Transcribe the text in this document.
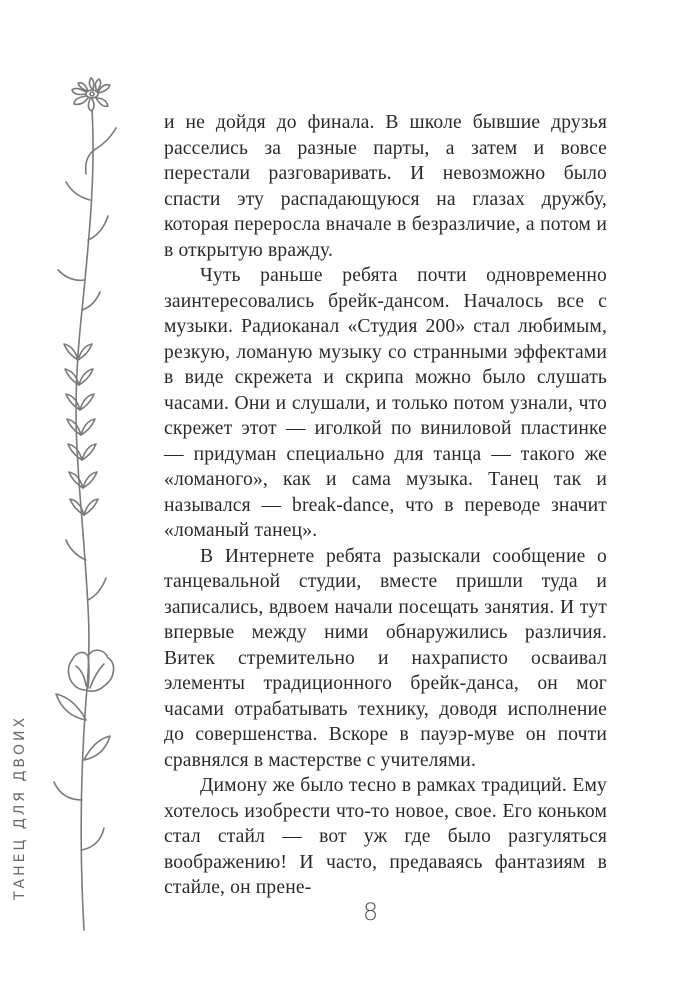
ТАНЕЦ ДЛЯ ДВОИХ

и не дойдя до финала. В школе бывшие друзья расселись за разные парты, а затем и вовсе перестали разговаривать. И невозможно было спасти эту распадающуюся на глазах дружбу, которая переросла вначале в безразличие, а потом и в открытую вражду.

Чуть раньше ребята почти одновременно заинтересовались брейк-дансом. Началось все с музыки. Радиоканал «Студия 200» стал любимым, резкую, ломаную музыку со странными эффектами в виде скрежета и скрипа можно было слушать часами. Они и слушали, и только потом узнали, что скрежет этот — иголкой по виниловой пластинке — придуман специально для танца — такого же «ломаного», как и сама музыка. Танец так и назывался — break-dance, что в переводе значит «ломаный танец».

В Интернете ребята разыскали сообщение о танцевальной студии, вместе пришли туда и записались, вдвоем начали посещать занятия. И тут впервые между ними обнаружились различия. Витек стремительно и нахраписто осваивал элементы традиционного брейк-данса, он мог часами отрабатывать технику, доводя исполнение до совершенства. Вскоре в пауэр-муве он почти сравнялся в мастерстве с учителями.

Димону же было тесно в рамках традиций. Ему хотелось изобрести что-то новое, свое. Его коньком стал стайл — вот уж где было разгуляться воображению! И часто, предаваясь фантазиям в стайле, он прене-

8
